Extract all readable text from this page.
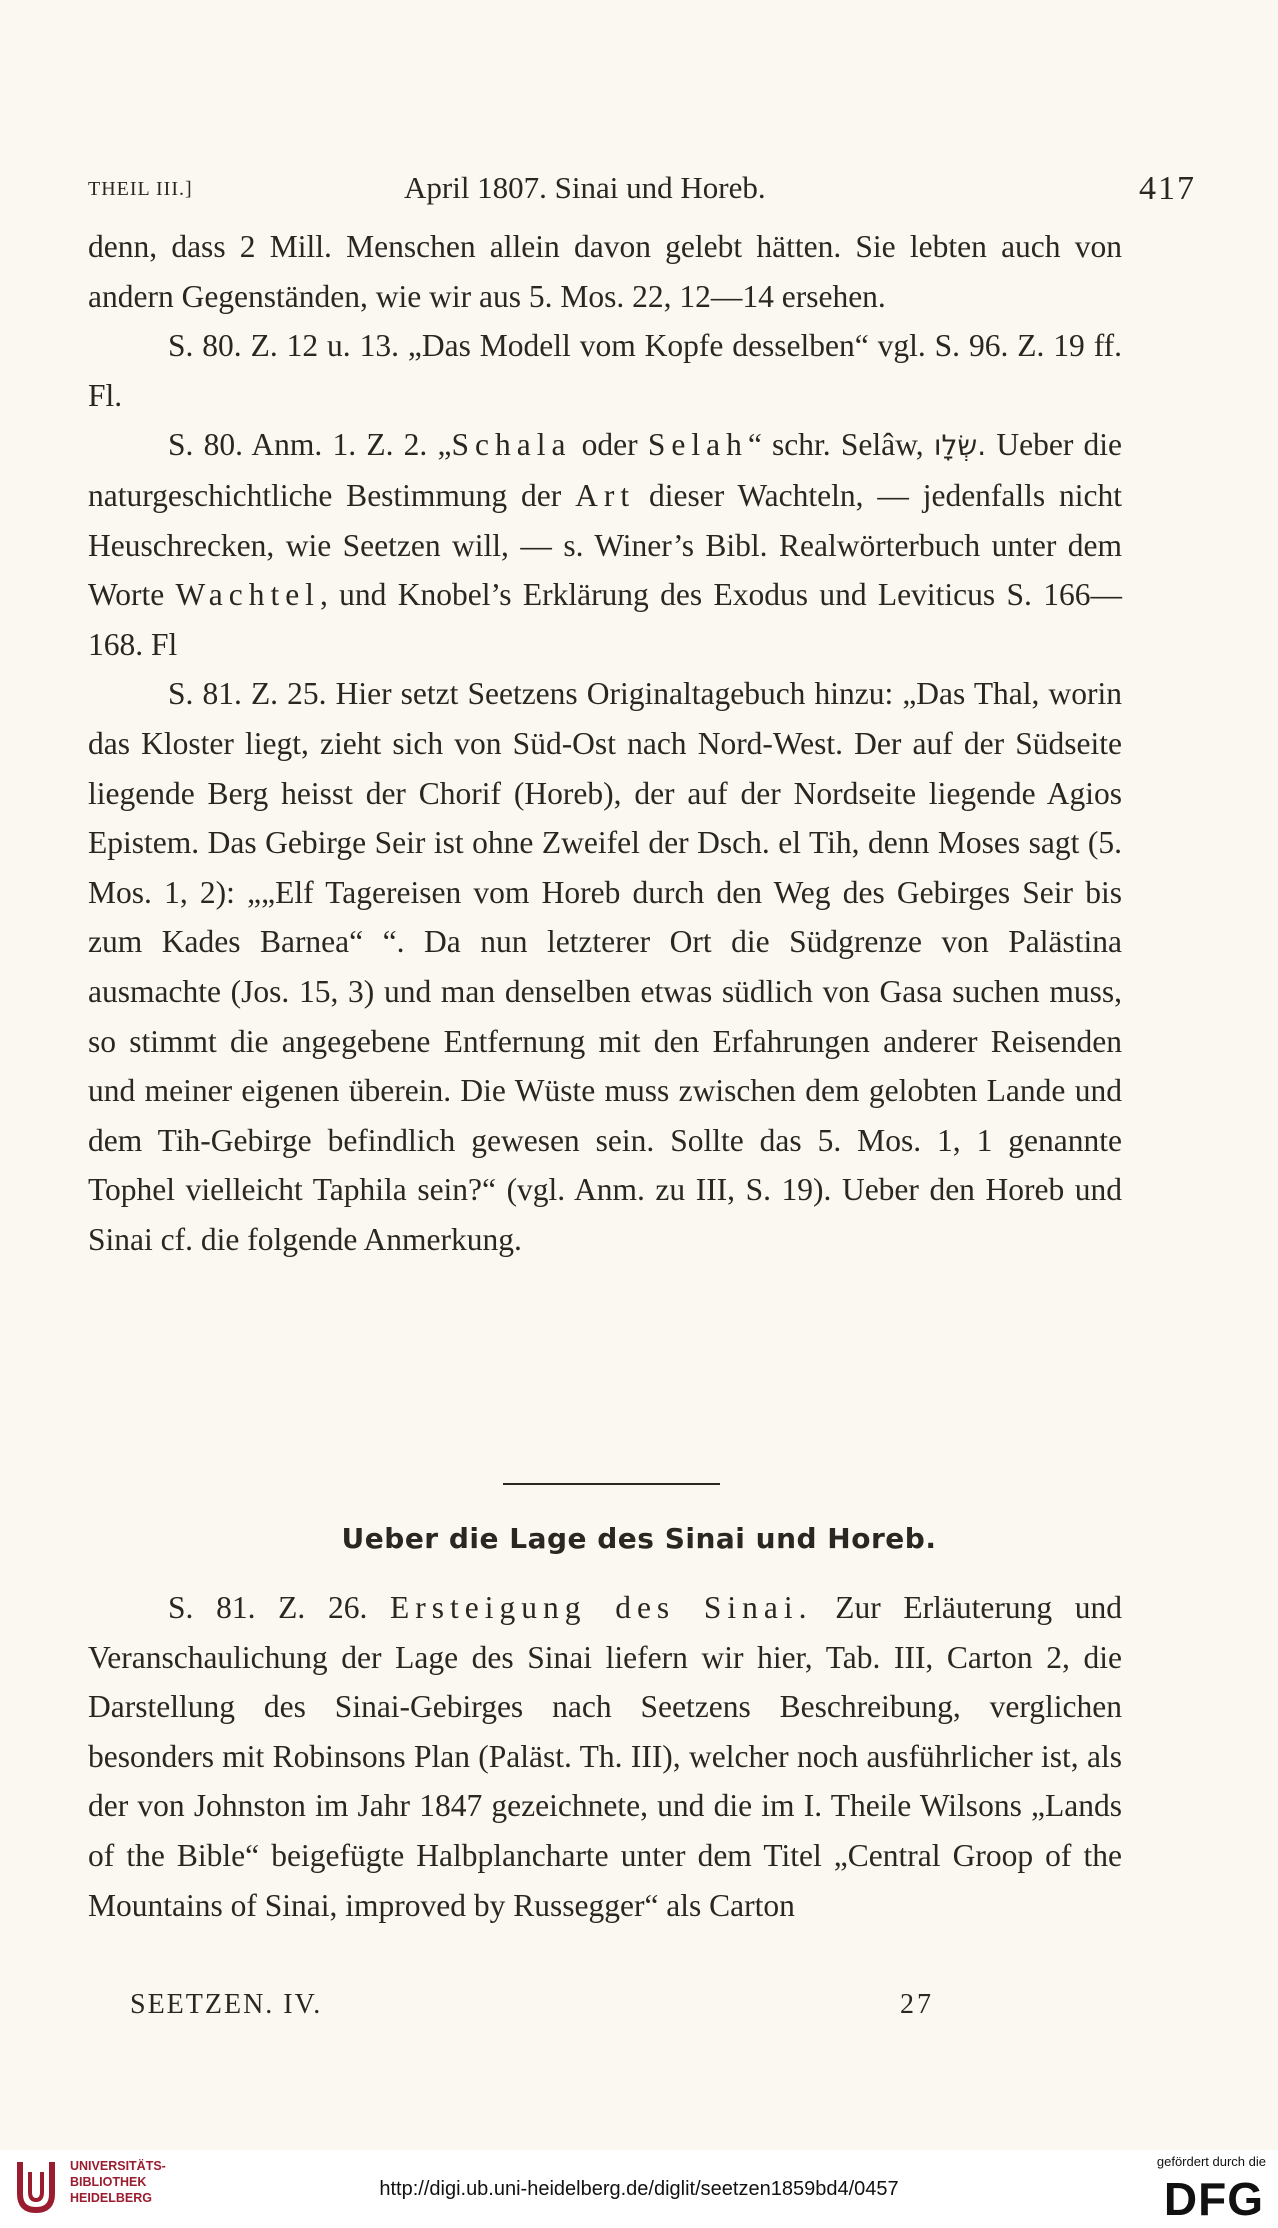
THEIL III.]	April 1807. Sinai und Horeb.	417

denn, dass 2 Mill. Menschen allein davon gelebt hätten. Sie lebten auch von andern Gegenständen, wie wir aus 5. Mos. 22, 12—14 ersehen.

S. 80. Z. 12 u. 13. „Das Modell vom Kopfe desselben“ vgl. S. 96. Z. 19 ff. Fl.

S. 80. Anm. 1. Z. 2. „Schala oder Selah“ schr. Selâw, שְׂלָו. Ueber die naturgeschichtliche Bestimmung der Art dieser Wachteln, — jedenfalls nicht Heuschrecken, wie Seetzen will, — s. Winer’s Bibl. Realwörterbuch unter dem Worte Wachtel, und Knobel’s Erklärung des Exodus und Leviticus S. 166—168. Fl

S. 81. Z. 25. Hier setzt Seetzens Originaltagebuch hinzu: „Das Thal, worin das Kloster liegt, zieht sich von Süd-Ost nach Nord-West. Der auf der Südseite liegende Berg heisst der Chorif (Horeb), der auf der Nordseite liegende Agios Epistem. Das Gebirge Seir ist ohne Zweifel der Dsch. el Tih, denn Moses sagt (5. Mos. 1, 2): „„Elf Tagereisen vom Horeb durch den Weg des Gebirges Seir bis zum Kades Barnea“ “. Da nun letzterer Ort die Südgrenze von Palästina ausmachte (Jos. 15, 3) und man denselben etwas südlich von Gasa suchen muss, so stimmt die angegebene Entfernung mit den Erfahrungen anderer Reisenden und meiner eigenen überein. Die Wüste muss zwischen dem gelobten Lande und dem Tih-Gebirge befindlich gewesen sein. Sollte das 5. Mos. 1, 1 genannte Tophel vielleicht Taphila sein?“ (vgl. Anm. zu III, S. 19). Ueber den Horeb und Sinai cf. die folgende Anmerkung.

Ueber die Lage des Sinai und Horeb.

S. 81. Z. 26. Ersteigung des Sinai. Zur Erläuterung und Veranschaulichung der Lage des Sinai liefern wir hier, Tab. III, Carton 2, die Darstellung des Sinai-Gebirges nach Seetzens Beschreibung, verglichen besonders mit Robinsons Plan (Paläst. Th. III), welcher noch ausführlicher ist, als der von Johnston im Jahr 1847 gezeichnete, und die im I. Theile Wilsons „Lands of the Bible“ beigefügte Halbplancharte unter dem Titel „Central Groop of the Mountains of Sinai, improved by Russegger“ als Carton

SEETZEN. IV.	27
UNIVERSITÄTS-
BIBLIOTHEK
HEIDELBERG	http://digi.ub.uni-heidelberg.de/diglit/seetzen1859bd4/0457
gefördert durch die
DFG
